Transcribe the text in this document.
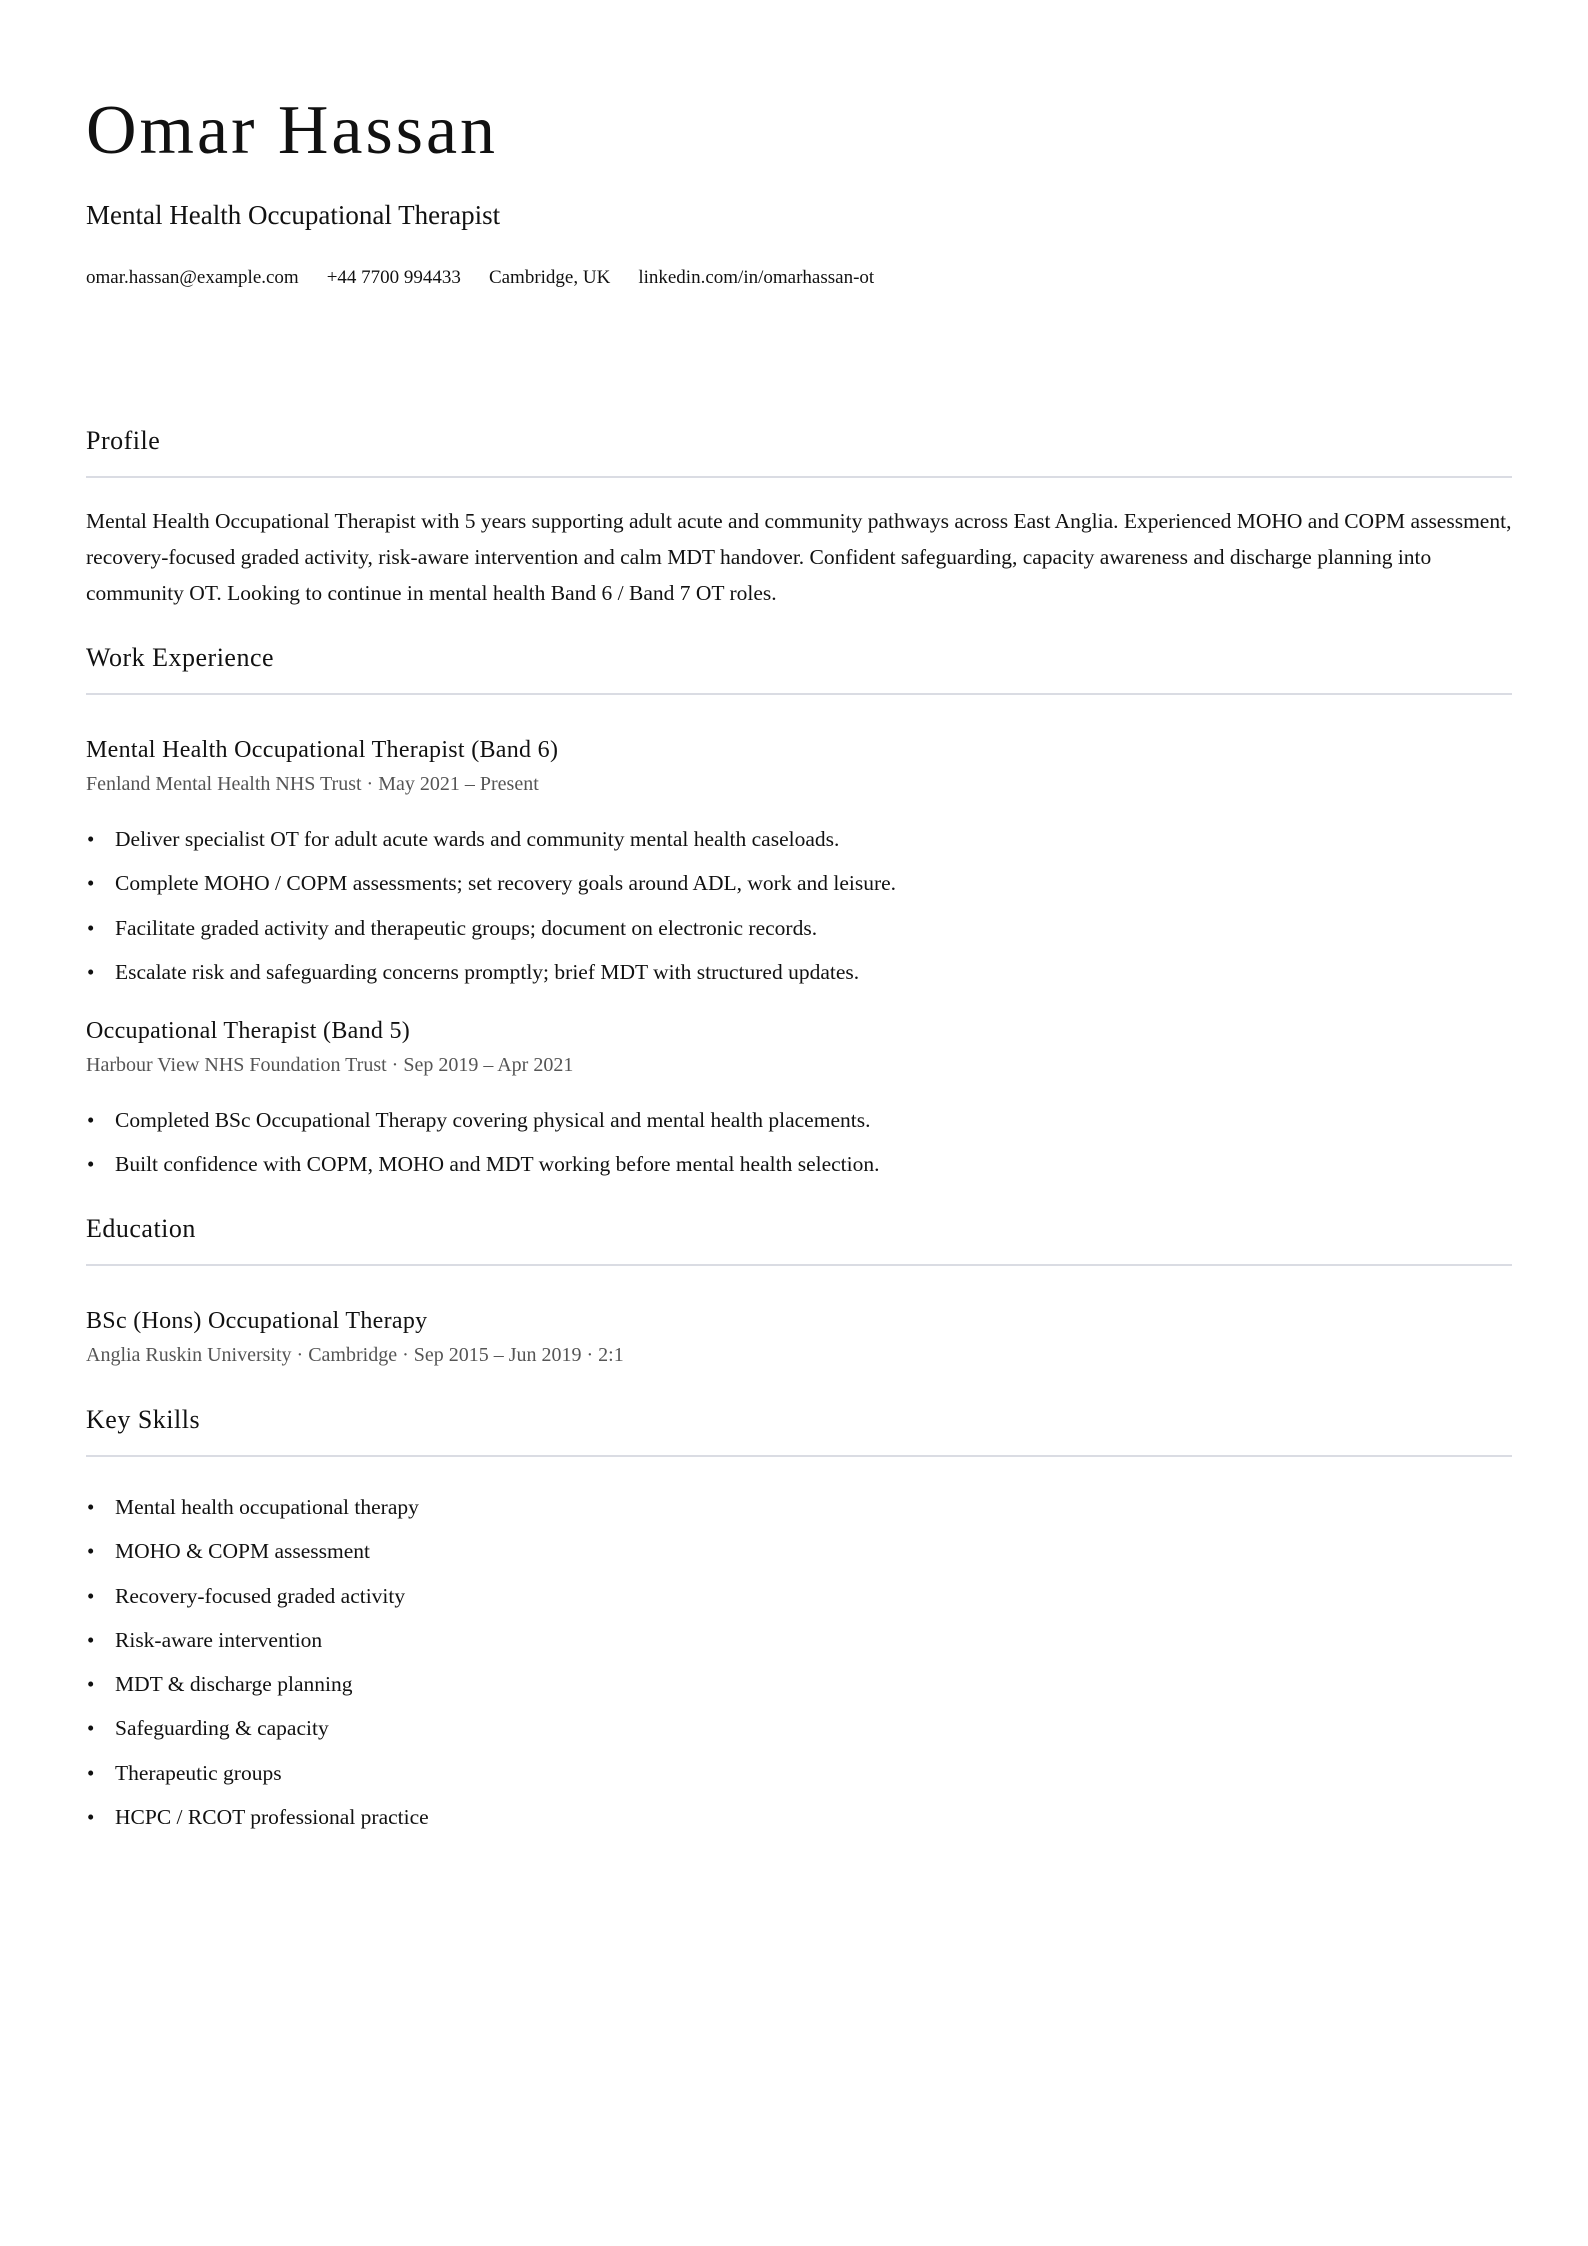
Omar Hassan
Mental Health Occupational Therapist
omar.hassan@example.com +44 7700 994433 Cambridge, UK linkedin.com/in/omarhassan-ot
Profile

Mental Health Occupational Therapist with 5 years supporting adult acute and community pathways across East Anglia. Experienced MOHO and COPM assessment, recovery-focused graded activity, risk-aware intervention and calm MDT handover. Confident safeguarding, capacity awareness and discharge planning into community OT. Looking to continue in mental health Band 6 / Band 7 OT roles.

Work Experience
Mental Health Occupational Therapist (Band 6)
Fenland Mental Health NHS Trust · May 2021 – Present
• Deliver specialist OT for adult acute wards and community mental health caseloads.
• Complete MOHO / COPM assessments; set recovery goals around ADL, work and leisure.
• Facilitate graded activity and therapeutic groups; document on electronic records.
• Escalate risk and safeguarding concerns promptly; brief MDT with structured updates.
Occupational Therapist (Band 5)
Harbour View NHS Foundation Trust · Sep 2019 – Apr 2021
• Completed BSc Occupational Therapy covering physical and mental health placements.
• Built confidence with COPM, MOHO and MDT working before mental health selection.
Education
BSc (Hons) Occupational Therapy
Anglia Ruskin University · Cambridge · Sep 2015 – Jun 2019 · 2:1
Key Skills
• Mental health occupational therapy
• MOHO & COPM assessment
• Recovery-focused graded activity
• Risk-aware intervention
• MDT & discharge planning
• Safeguarding & capacity
• Therapeutic groups
• HCPC / RCOT professional practice
